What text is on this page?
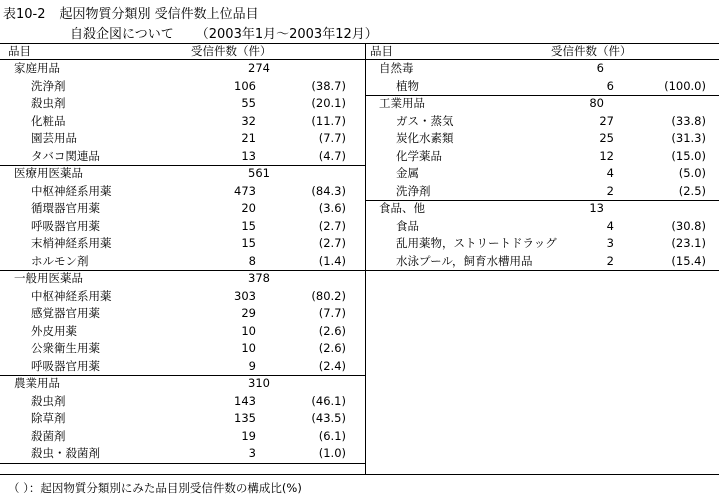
表10-2 起因物質分類別 受信件数上位品目
自殺企図について （2003年1月～2003年12月）
品目	受信件数（件）	品目	受信件数（件）
家庭用品	274
洗浄剤	106	(38.7)
殺虫剤	55	(20.1)
化粧品	32	(11.7)
園芸用品	21	(7.7)
タバコ関連品	13	(4.7)
医療用医薬品	561
中枢神経系用薬	473	(84.3)
循環器官用薬	20	(3.6)
呼吸器官用薬	15	(2.7)
末梢神経系用薬	15	(2.7)
ホルモン剤	8	(1.4)
一般用医薬品	378
中枢神経系用薬	303	(80.2)
感覚器官用薬	29	(7.7)
外皮用薬	10	(2.6)
公衆衛生用薬	10	(2.6)
呼吸器官用薬	9	(2.4)
農業用品	310
殺虫剤	143	(46.1)
除草剤	135	(43.5)
殺菌剤	19	(6.1)
殺虫・殺菌剤	3	(1.0)
自然毒	6
植物	6	(100.0)
工業用品	80
ガス・蒸気	27	(33.8)
炭化水素類	25	(31.3)
化学薬品	12	(15.0)
金属	4	(5.0)
洗浄剤	2	(2.5)
食品、他	13
食品	4	(30.8)
乱用薬物，ストリートドラッグ	3	(23.1)
水泳プール，飼育水槽用品	2	(15.4)
（ ）：起因物質分類別にみた品目別受信件数の構成比(%)
